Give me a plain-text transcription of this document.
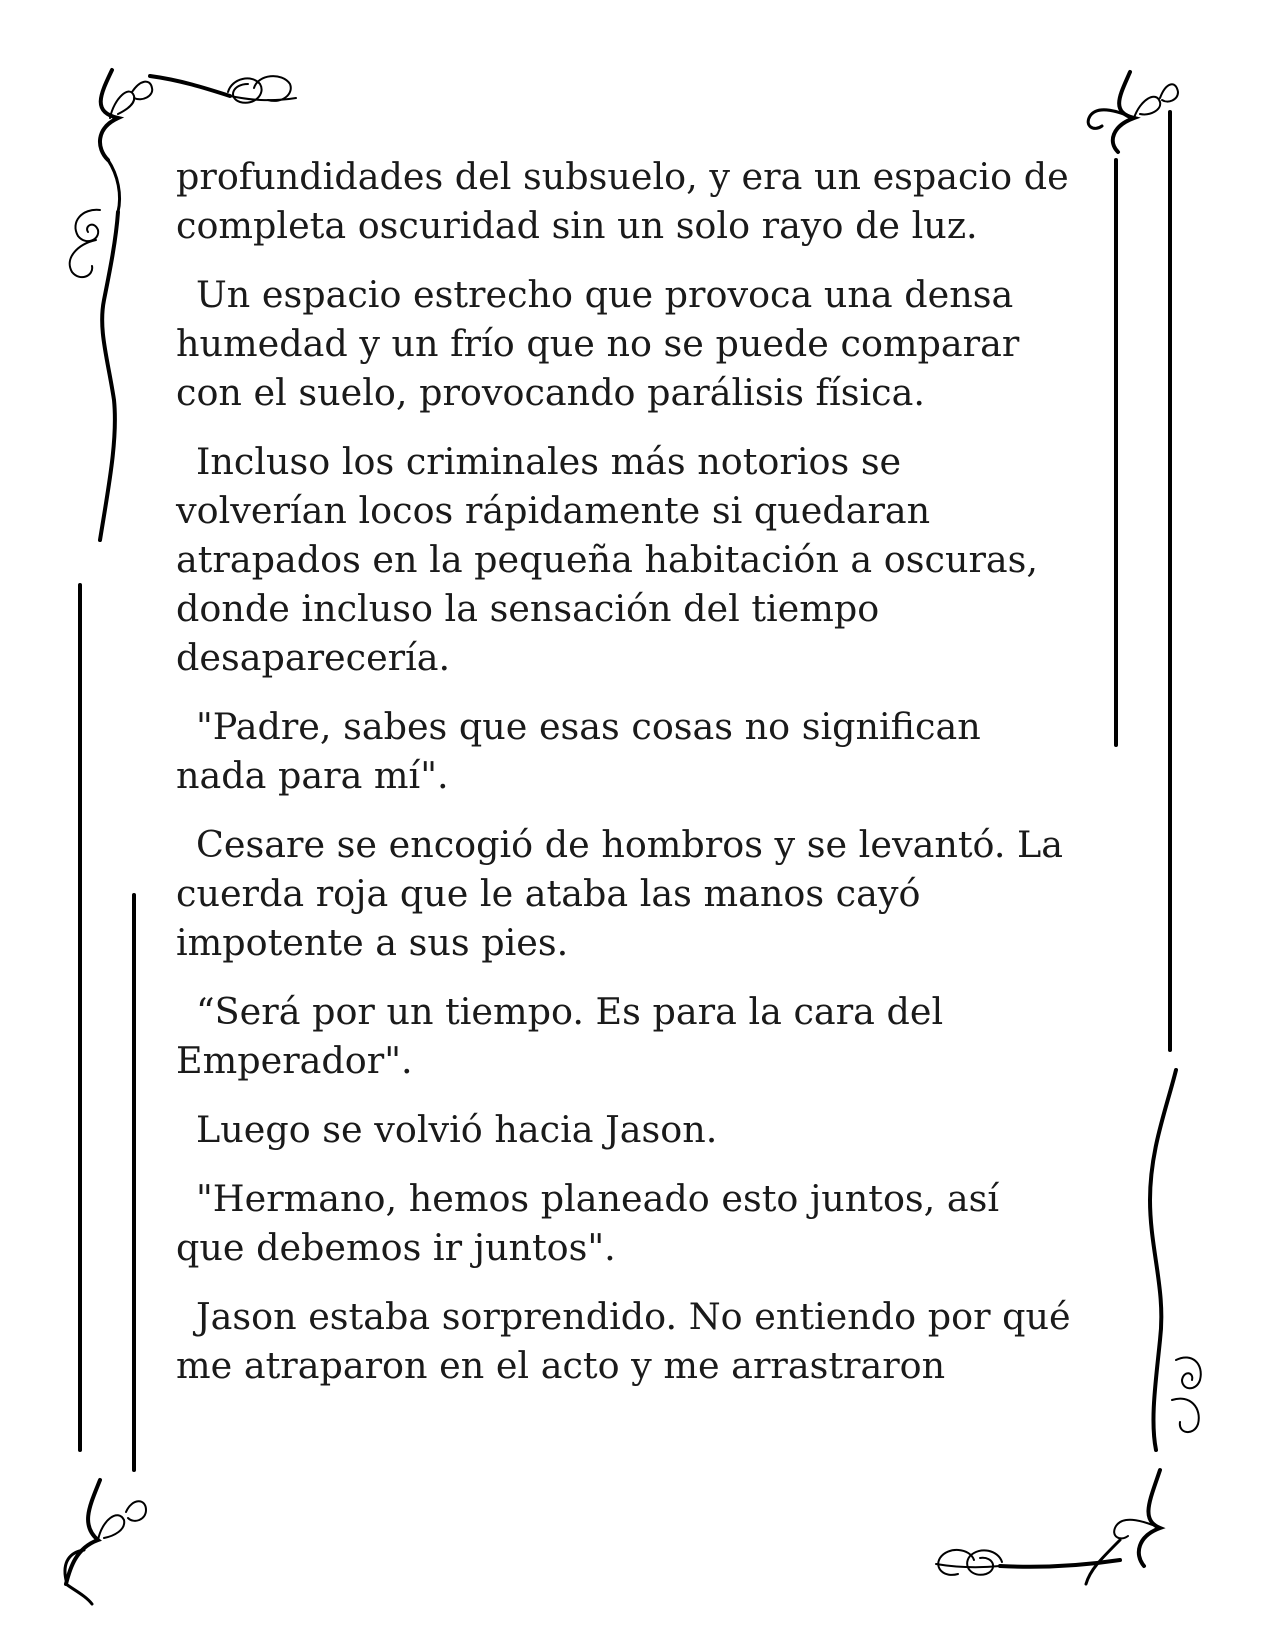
profundidades del subsuelo, y era un espacio de completa oscuridad sin un solo rayo de luz.

Un espacio estrecho que provoca una densa humedad y un frío que no se puede comparar con el suelo, provocando parálisis física.

Incluso los criminales más notorios se volverían locos rápidamente si quedaran atrapados en la pequeña habitación a oscuras, donde incluso la sensación del tiempo desaparecería.

"Padre, sabes que esas cosas no significan nada para mí".

Cesare se encogió de hombros y se levantó. La cuerda roja que le ataba las manos cayó impotente a sus pies.

“Será por un tiempo. Es para la cara del Emperador".

Luego se volvió hacia Jason.

"Hermano, hemos planeado esto juntos, así que debemos ir juntos".

Jason estaba sorprendido. No entiendo por qué me atraparon en el acto y me arrastraron
